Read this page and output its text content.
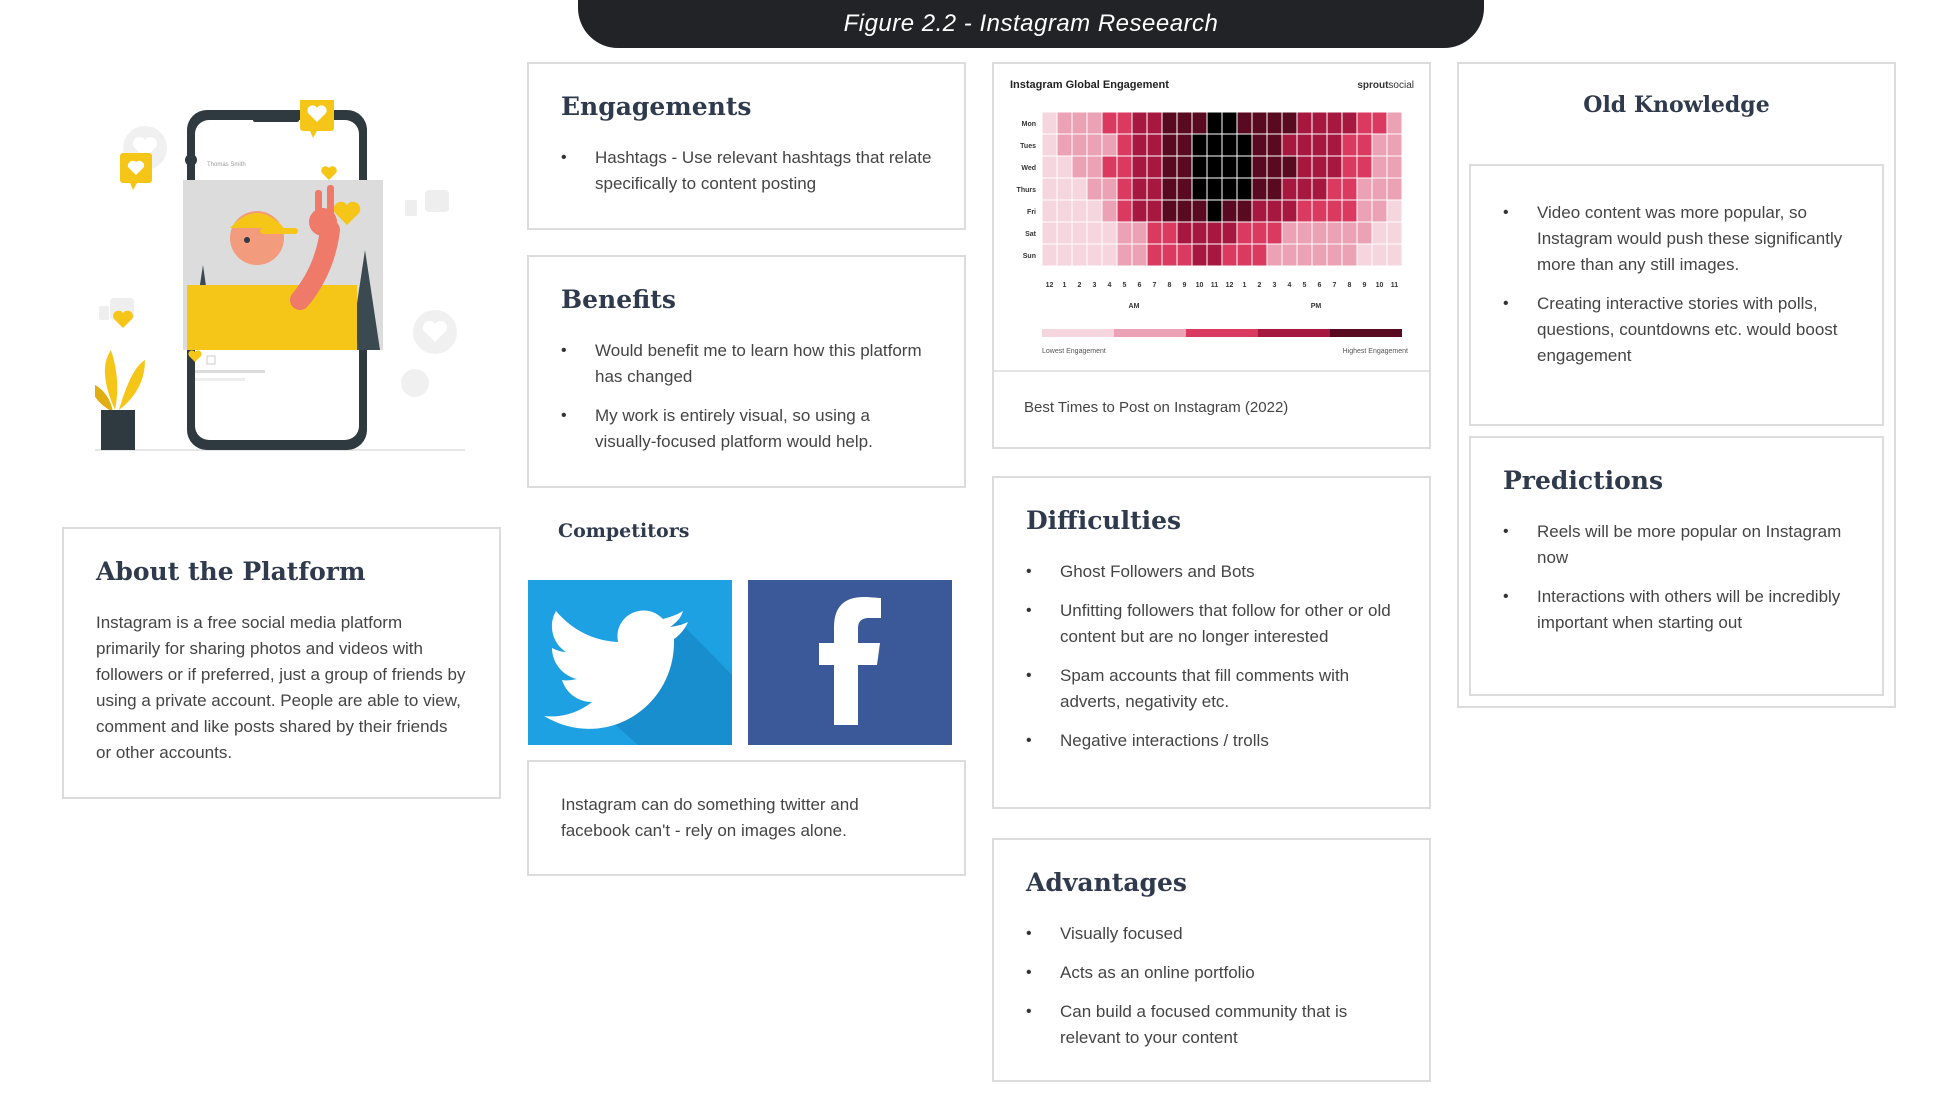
Figure 2.2 - Instagram Reseearch
Thomas Smith
About the Platform

Instagram is a free social media platform primarily for sharing photos and videos with followers or if preferred, just a group of friends by using a private account. People are able to view, comment and like posts shared by their friends or other accounts.

Engagements
• Hashtags - Use relevant hashtags that relate specifically to content posting
Benefits
• Would benefit me to learn how this platform has changed
• My work is entirely visual, so using a visually-focused platform would help.
Competitors

Instagram can do something twitter and facebook can't - rely on images alone.

Instagram Global Engagement	sproutsocial
Mon
Tues
Wed
Thurs
Fri
Sat
Sun
12 1 2 3 4 5 6 7 8 9 10 11 12 1 2 3 4 5 6 7 8 9 10 11
AM	PM
Lowest Engagement	Highest Engagement
Best Times to Post on Instagram (2022)
Difficulties
• Ghost Followers and Bots
• Unfitting followers that follow for other or old content but are no longer interested
• Spam accounts that fill comments with adverts, negativity etc.
• Negative interactions / trolls
Advantages
• Visually focused
• Acts as an online portfolio
• Can build a focused community that is relevant to your content
Old Knowledge
• Video content was more popular, so Instagram would push these significantly more than any still images.
• Creating interactive stories with polls, questions, countdowns etc. would boost engagement
Predictions
• Reels will be more popular on Instagram now
• Interactions with others will be incredibly important when starting out
